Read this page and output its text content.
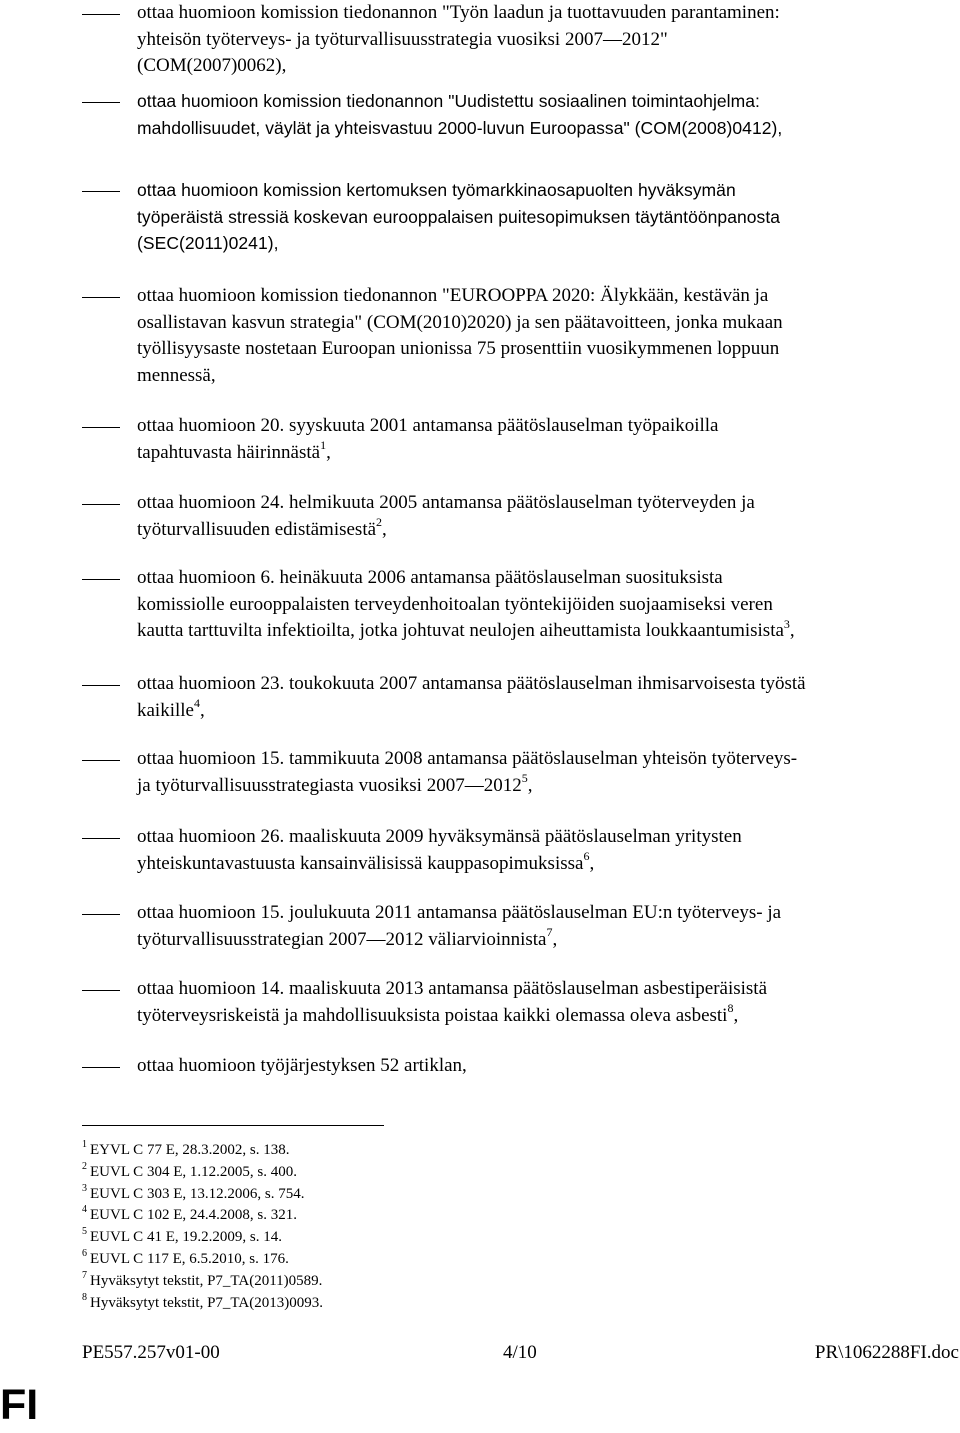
ottaa huomioon komission tiedonannon "Työn laadun ja tuottavuuden parantaminen:
yhteisön työterveys- ja työturvallisuusstrategia vuosiksi 2007—2012"
(COM(2007)0062),
ottaa huomioon komission tiedonannon "Uudistettu sosiaalinen toimintaohjelma:
mahdollisuudet, väylät ja yhteisvastuu 2000-luvun Euroopassa" (COM(2008)0412),
ottaa huomioon komission kertomuksen työmarkkinaosapuolten hyväksymän
työperäistä stressiä koskevan eurooppalaisen puitesopimuksen täytäntöönpanosta
(SEC(2011)0241),
ottaa huomioon komission tiedonannon "EUROOPPA 2020: Älykkään, kestävän ja
osallistavan kasvun strategia" (COM(2010)2020) ja sen päätavoitteen, jonka mukaan
työllisyysaste nostetaan Euroopan unionissa 75 prosenttiin vuosikymmenen loppuun
mennessä,
ottaa huomioon 20. syyskuuta 2001 antamansa päätöslauselman työpaikoilla
tapahtuvasta häirinnästä$^1$,
ottaa huomioon 24. helmikuuta 2005 antamansa päätöslauselman työterveyden ja
työturvallisuuden edistämisestä$^2$,
ottaa huomioon 6. heinäkuuta 2006 antamansa päätöslauselman suosituksista
komissiolle eurooppalaisten terveydenhoitoalan työntekijöiden suojaamiseksi veren
kautta tarttuvilta infektioilta, jotka johtuvat neulojen aiheuttamista loukkaantumisista$^3$,
ottaa huomioon 23. toukokuuta 2007 antamansa päätöslauselman ihmisarvoisesta työstä
kaikille$^4$,
ottaa huomioon 15. tammikuuta 2008 antamansa päätöslauselman yhteisön työterveys-
ja työturvallisuusstrategiasta vuosiksi 2007—2012$^5$,
ottaa huomioon 26. maaliskuuta 2009 hyväksymänsä päätöslauselman yritysten
yhteiskuntavastuusta kansainvälisissä kauppasopimuksissa$^6$,
ottaa huomioon 15. joulukuuta 2011 antamansa päätöslauselman EU:n työterveys- ja
työturvallisuusstrategian 2007—2012 väliarvioinnista$^7$,
ottaa huomioon 14. maaliskuuta 2013 antamansa päätöslauselman asbestiperäisistä
työterveysriskeistä ja mahdollisuuksista poistaa kaikki olemassa oleva asbesti$^8$,
ottaa huomioon työjärjestyksen 52 artiklan,
$^1$ EYVL C 77 E, 28.3.2002, s. 138.
$^2$ EUVL C 304 E, 1.12.2005, s. 400.
$^3$ EUVL C 303 E, 13.12.2006, s. 754.
$^4$ EUVL C 102 E, 24.4.2008, s. 321.
$^5$ EUVL C 41 E, 19.2.2009, s. 14.
$^6$ EUVL C 117 E, 6.5.2010, s. 176.
$^7$ Hyväksytyt tekstit, P7_TA(2011)0589.
$^8$ Hyväksytyt tekstit, P7_TA(2013)0093.
PE557.257v01-00	4/10	PR\1062288FI.doc
FI
